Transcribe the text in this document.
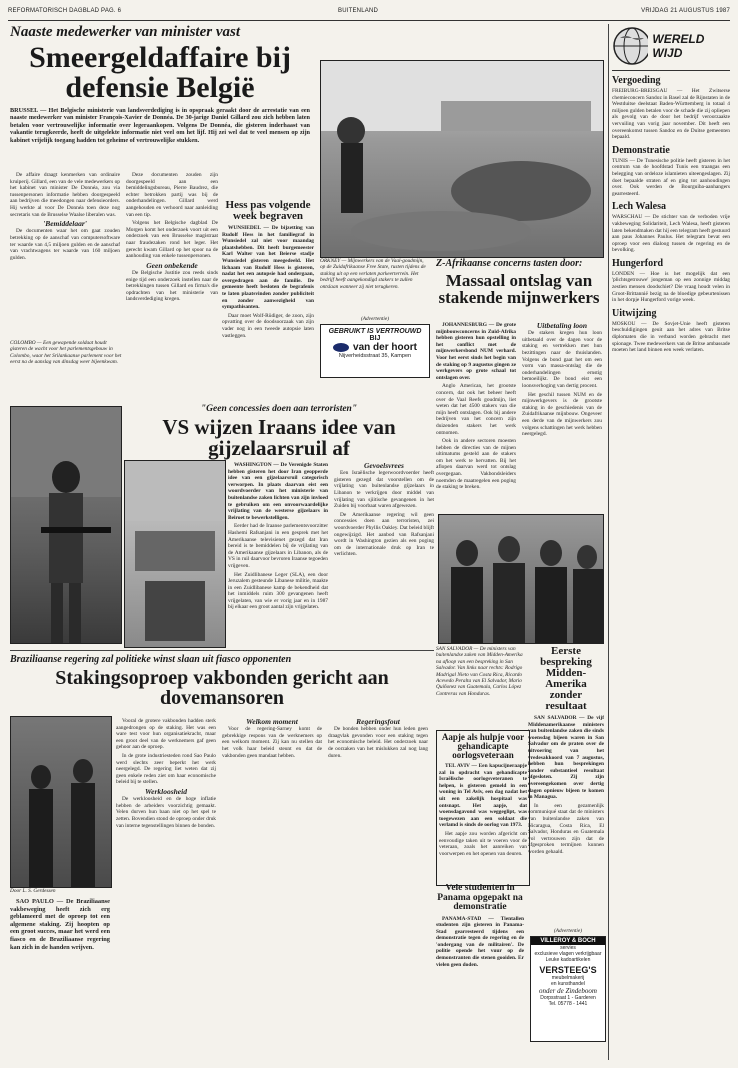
REFORMATORISCH DAGBLAD PAG. 6	BUITENLAND	VRIJDAG 21 AUGUSTUS 1987
Naaste medewerker van minister vast
Smeergeldaffaire bij defensie België
BRUSSEL — Het Belgische ministerie van landsverdediging is in opspraak geraakt door de arrestatie van een naaste medewerker van minister François-Xavier de Donnéa. De 30-jarige Daniel Gillard zou zich hebben laten betalen voor vertrouwelijke informatie over legeraankopen. Volgens De Donnéa, die gisteren inderhaast van vakantie terugkeerde, heeft de uitgelekte informatie niet veel om het lijf. Hij zei wel dat te veel mensen op zijn kabinet vrijelijk toegang hadden tot geheime of vertrouwelijke stukken.

De affaire draagt kenmerken van ordinaire kruiperij. Gillard, een van de vele medewerkers op het kabinet van minister De Donnéa, zou via tussenpersonen informatie hebben doorgespeeld aan bedrijven die meedongen naar defensieorders. Hij werkte al voor De Donnéa toen deze nog secretaris van de Brusselse Waalse liberalen was.

'Bemiddelaar'

De documenten waar het om gaat zouden betrekking op de aanschaf van computersoftware ter waarde van 4,5 miljoen gulden en de aanschaf van vrachtwagens ter waarde van 160 miljoen gulden.

Deze documenten zouden zijn doorgespeeld aan een bemiddelingsbureau, Pierre Baudrez, die echter betrokken partij was bij de onderhandelingen. Gillard werd aangehouden en verhoord naar aanleiding van een tip.

Volgens het Belgische dagblad De Morgen komt het onderzoek voort uit een onderzoek van een Brusselse magistraat naar fraudezaken rond het leger. Het gerecht kwam Gillard op het spoor na de aanhouding van enkele tussenpersonen.

Geen onbekende

De Belgische Justitie zou reeds sinds enige tijd een onderzoek instellen naar de betrekkingen tussen Gillard en firma's die opdrachten van het ministerie van landsverdediging kregen.

COLOMBO — Een gewapende soldaat houdt gisteren de wacht voor het parlementsgebouw in Colombo, waar het Srilankaanse parlement voor het eerst na de aanslag van dinsdag weer bijeenkwam.
Hess pas volgende week begraven

WUNSIEDEL — De bijzetting van Rudolf Hess in het familiegraf in Wunsiedel zal niet voor maandag plaatshebben. Dit heeft burgemeester Karl Walter van het Beierse stadje Wunsiedel gisteren meegedeeld. Het lichaam van Rudolf Hess is gisteren, nadat het een autopsie had ondergaan, overgedragen aan de familie. De gemeente heeft besloten de begrafenis te laten plaatsvinden zonder publiciteit en zonder aanwezigheid van sympathisanten.

Daar moet Wolf-Rüdiger, de zoon, zijn opvatting over de doodsoorzaak van zijn vader nog in een tweede autopsie laten vastleggen.

ORKNEY — Mijnwerkers van de Vaal-goudmijn, op de Zuidafrikaanse Free State, rusten tijdens de staking uit op een verlaten parkeerterrein. Het bedrijf heeft aangekondigd stakers te zullen ontslaan wanneer zij niet terugkeren.
(Advertentie)
GEBRUIKT IS VERTROUWD
BIJ
van der hoort
Nijverheidsstraat 35, Kampen
Z-Afrikaanse concerns tasten door:
Massaal ontslag van stakende mijnwerkers

JOHANNESBURG — De grote mijnbouwconcerns in Zuid-Afrika hebben gisteren hun opstelling in het conflict met de mijnwerkersbond NUM verhard. Voor het eerst sinds het begin van de staking op 9 augustus gingen ze werkgevers op grote schaal tot ontslagen over.

Anglo American, het grootste concern, dat ook het beheer heeft over de Vaal Reefs goudmijn, liet weten dat het 4500 stakers van die mijn heeft ontslagen. Ook bij andere bedrijven van het concern zijn duizenden stakers het werk ontnomen.

Ook in andere sectoren moesten hebben de directies van de mijnen ultimatums gesteld aan de stakers om het werk te hervatten. Bij het aflopen daarvan werd tot ontslag overgegaan. Vakbondsleiders noemden de maatregelen een poging de staking te breken.

Uitbetaling loon

De stakers kregen hun loon uitbetaald over de dagen voor de staking en vertrekken met hun bezittingen naar de thuislanden. Volgens de bond gaat het om een vorm van massa-ontslag die de onderhandelingen ernstig bemoeilijkt. De bond eist een loonsverhoging van dertig procent.

Het geschil tussen NUM en de mijnwerkgevers is de grootste staking in de geschiedenis van de Zuidafrikaanse mijnbouw. Ongeveer een derde van de mijnwerkers zou volgens schattingen het werk hebben neergelegd.

"Geen concessies doen aan terroristen"
VS wijzen Iraans idee van gijzelaarsruil af

WASHINGTON — De Verenigde Staten hebben gisteren het door Iran geopperde idee van een gijzelaarsruil categorisch verworpen. In plaats daarvan eist een woordvoerder van het ministerie van buitenlandse zaken lichten van zijn invloed te gebruiken om een onvoorwaardelijke vrijlating van de westerse gijzelaars in Beiroet te bewerkstelligen.

Eerder had de Iraanse parlementsvoorzitter Hashemi Rafsanjani in een gesprek met het Amerikaanse televisienet gezegd dat Iran bereid is te bemiddelen bij de vrijlating van de Amerikaanse gijzelaars in Libanon, als de VS in ruil daarvoor bevroren Iraanse tegoeden vrijgeven.

Het Zuidlibanese Leger (SLA), een door Jeruzalem gesteunde Libanese militie, maakte in een Zuidlibanese kamp de bekendheid dat het inmiddels ruim 300 gevangenen heeft vrijgelaten, van wie er vorig jaar en in 1987 bij elkaar een groot aantal zijn vrijgelaten.

Gevoelsvrees

Een Israëlische legerwoordvoerder heeft gisteren gezegd dat voorstellen om de vrijlating van buitenlandse gijzelaars in Libanon te verkrijgen door middel van vrijlating van sjiitische gevangenen in het Zuiden bij voorbaat waren afgewezen.

De Amerikaanse regering wil geen concessies doen aan terroristen, zei woordvoerder Phyllis Oakley. Dat beleid blijft ongewijzigd. Het aanbod van Rafsanjani wordt in Washington gezien als een poging om de internationale druk op Iran te verlichten.

SAN SALVADOR — De ministers van buitenlandse zaken van Midden-Amerika na afloop van een bespreking in San Salvador. Van links naar rechts: Rodrigo Madrigal Nieto van Costa Rica, Ricardo Acevedo Peralta van El Salvador, Mario Quiñonez van Guatemala, Carlos López Contreras van Honduras.
Eerste bespreking Midden-Amerika zonder resultaat

SAN SALVADOR — De vijf Middenamerikaanse ministers van buitenlandse zaken die sinds woensdag bijeen waren in San Salvador om de praten over de uitvoering van het vredesakkoord van 7 augustus, hebben hun besprekingen zonder substantieel resultaat afgesloten. Zij zijn overeengekomen over dertig dagen opnieuw bijeen te komen in Managua.

In een gezamenlijk communiqué staat dat de ministers van buitenlandse zaken van Nicaragua, Costa Rica, El Salvador, Honduras en Guatemala vol vertrouwen zijn dat de afgesproken termijnen kunnen worden gehaald.

Braziliaanse regering zal politieke winst slaan uit fiasco opponenten
Stakingsoproep vakbonden gericht aan dovemansoren
Door L. S. Gerdessen

SAO PAULO — De Braziliaanse vakbeweging heeft zich erg geblameerd met de oproep tot een algemene staking. Zij hoopten op een groot succes, maar het werd een fiasco en de Braziliaanse regering kan zich in de handen wrijven.

Vooral de grotere vakbonden hadden sterk aangedrongen op de staking. Het was een ware test voor hun organisatiekracht, maar een groot deel van de werknemers gaf geen gehoor aan de oproep.

In de grote industriesteden rond Sao Paulo werd slechts zeer beperkt het werk neergelegd. De regering liet weten dat zij geen enkele reden ziet om haar economische beleid bij te stellen.

Werkloosheid

De werkloosheid en de hoge inflatie hebben de arbeiders voorzichtig gemaakt. Velen durven hun baan niet op het spel te zetten. Bovendien stond de oproep onder druk van interne tegenstellingen binnen de bonden.

Welkom moment

Voor de regering-Sarney komt de gebrekkige respons van de werknemers op een welkom moment. Zij kan nu stellen dat het volk haar beleid steunt en dat de vakbonden geen mandaat hebben.

Regeringsfout

De bonden hebben onder hun leden geen draagvlak gevonden voor een staking tegen het economische beleid. Het onderzoek naar de oorzaken van het mislukken zal nog lang duren.

Aapje als hulpje voor gehandicapte oorlogsveteraan

TEL AVIV — Een kapucijneraapje zal in opdracht van gehandicapte Israëlische oorlogsveteranen te helpen, is gisteren gemeld in een woning in Tel Aviv, een dag nadat het uit een zakelijk hospitaal was ontsnapt. Het aapje, dat woensdagavond was weggeglipt, was toegewezen aan een soldaat die verlamd is sinds de oorlog van 1973.

Het aapje zou worden afgericht om eenvoudige taken uit te voeren voor de veteraan, zoals het aanreiken van voorwerpen en het openen van deuren.

Vele studenten in Panama opgepakt na demonstratie

PANAMA-STAD — Tientallen studenten zijn gisteren in Panama-Stad gearresteerd tijdens een demonstratie tegen de regering en de 'ondergang van de militairen'. De politie opende het vuur op de demonstranten die stenen gooiden. Er vielen geen doden.

(Advertentie)
VILLEROY & BOCH
servies
exclusieve vlagen verkrijgbaar
Leuke kadoartikelen
VERSTEEG'S
meubelmakerij
en kunsthandel
onder de Zindeboom
Dorpsstraat 1 - Garderen
Tel. 05778 - 1441
WERELD WIJD
Vergoeding
FREIBURG-BREISGAU — Het Zwitserse chemieconcern Sandoz in Basel zal de Rijnstaten in de Westduitse deelstaat Baden-Württemberg in totaal 4 miljoen gulden betalen voor de schade die zij opliepen als gevolg van de door het bedrijf veroorzaakte vervuiling van vorig jaar november. Dit heeft een overeenkomst tussen Sandoz en de Duitse gemeenten bepaald.
Demonstratie
TUNIS — De Tunesische politie heeft gisteren in het centrum van de hoofdstad Tunis een traangas een belegging van ordeloze islamieten uiteengeslagen. Zij doet bepaalde straten af en ging tot aanhoudingen over. Ook werden de Bourguiba-aanhangers gearresteerd.
Lech Walesa
WARSCHAU — De stichter van de verboden vrije vakbeweging Solidariteit, Lech Walesa, heeft gisteren laten bekendmaken dat hij een telegram heeft gestuurd aan paus Johannes Paulus. Het telegram bevat een oproep voor een dialoog tussen de regering en de bevolking.
Hungerford
LONDEN — Hoe is het mogelijk dat een 'plichtsgetrouwe' jongeman op een zonnige middag zestien mensen doodschiet? Die vraag houdt velen in Groot-Brittannië bezig na de bloedige gebeurtenissen in het dorpje Hungerford vorige week.
Uitwijzing
MOSKOU — De Sovjet-Unie heeft gisteren beschuldigingen geuit aan het adres van Britse diplomaten die in verband worden gebracht met spionage. Twee medewerkers van de Britse ambassade moeten het land binnen een week verlaten.
